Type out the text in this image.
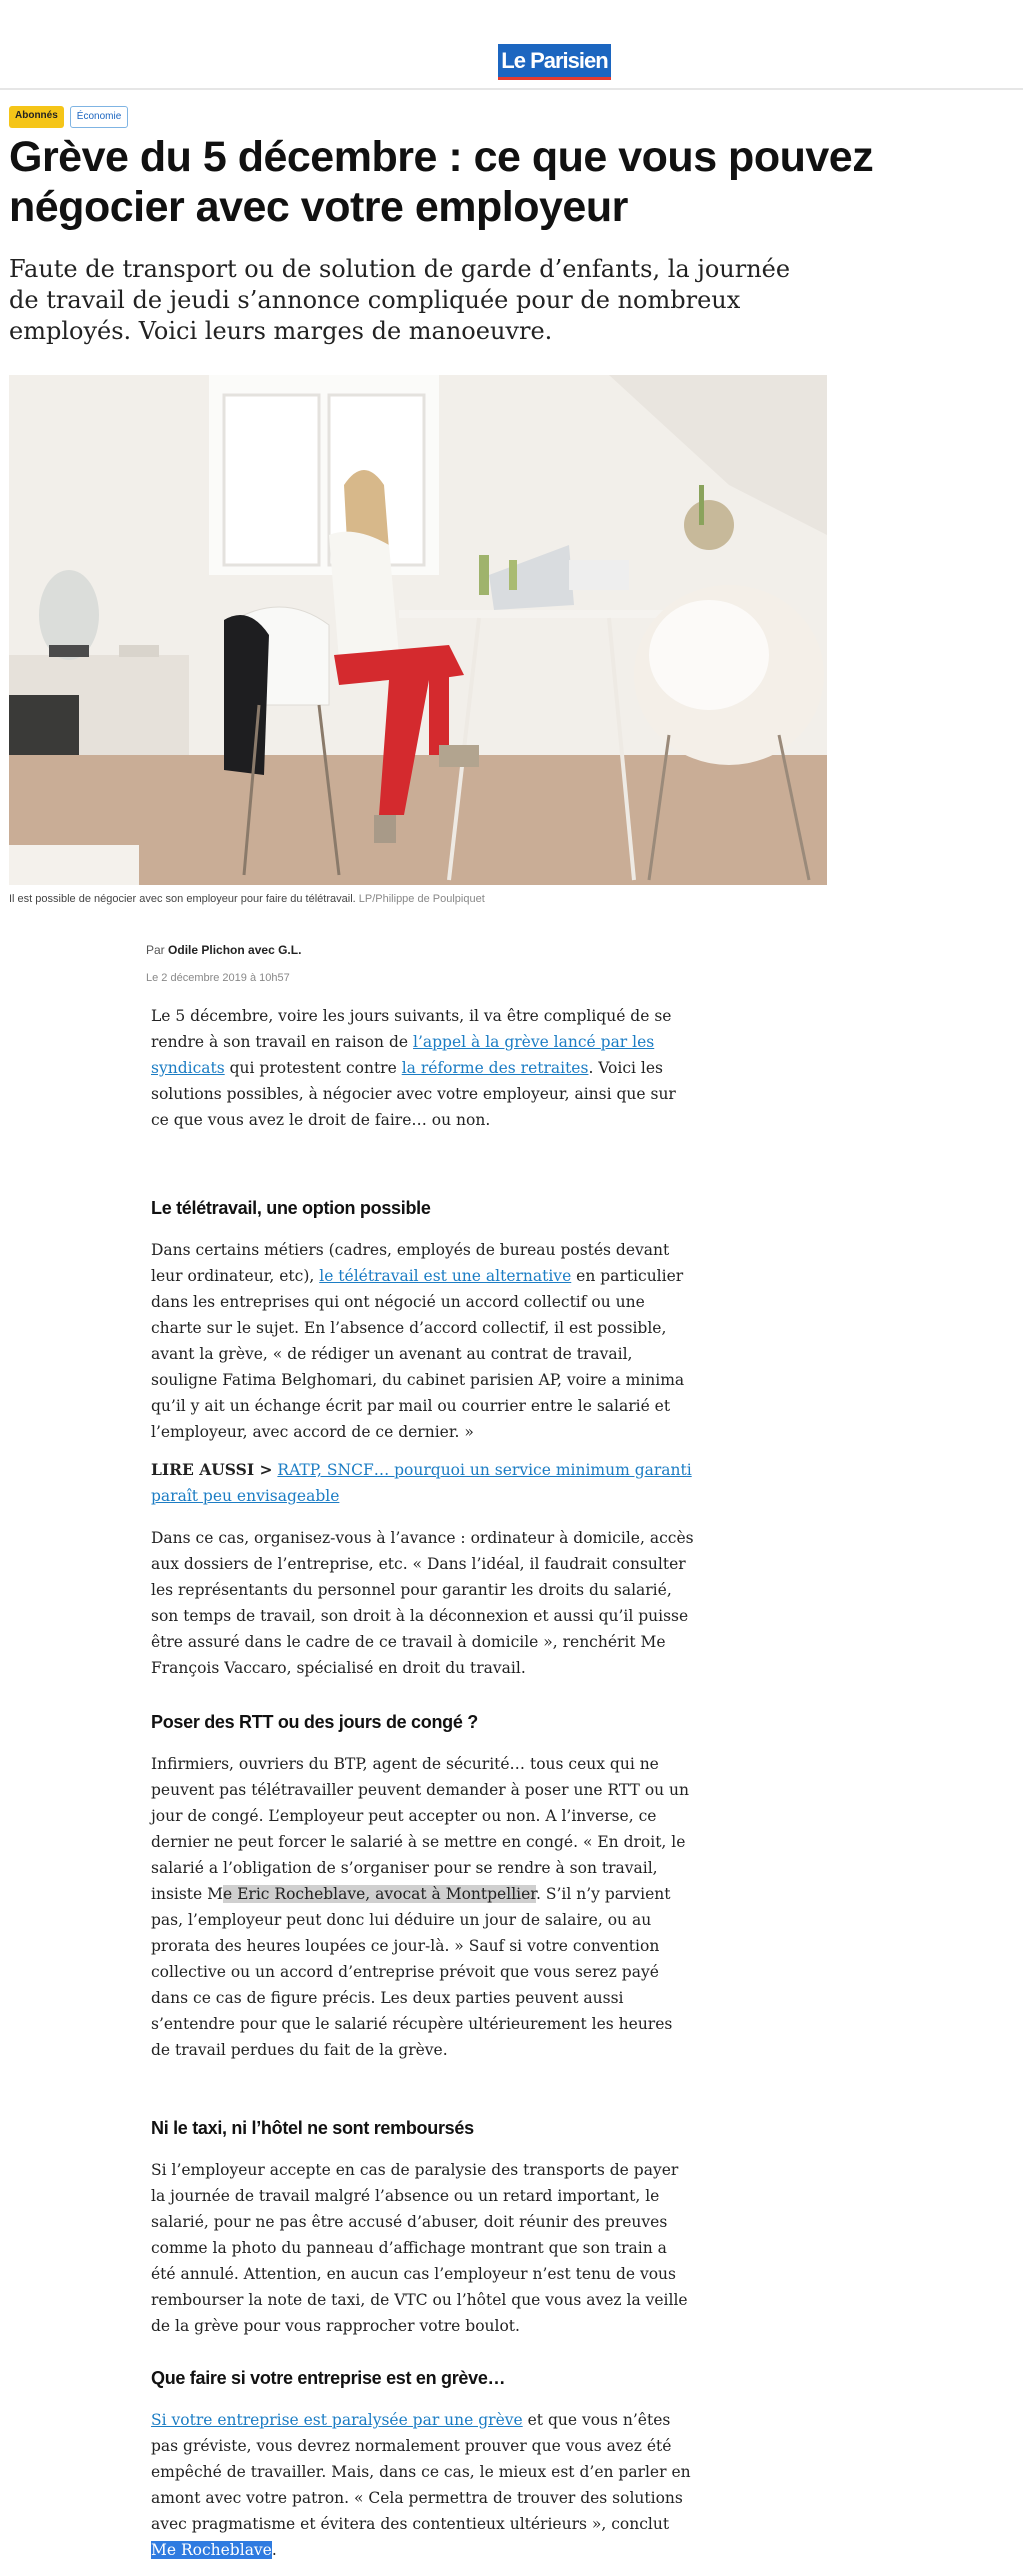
Le Parisien
Abonnés	Économie
Grève du 5 décembre : ce que vous pouvez négocier avec votre employeur

Faute de transport ou de solution de garde d’enfants, la journée de travail de jeudi s’annonce compliquée pour de nombreux employés. Voici leurs marges de manoeuvre.

Il est possible de négocier avec son employeur pour faire du télétravail. LP/Philippe de Poulpiquet
Par Odile Plichon avec G.L.
Le 2 décembre 2019 à 10h57

Le 5 décembre, voire les jours suivants, il va être compliqué de se rendre à son travail en raison de l’appel à la grève lancé par les syndicats qui protestent contre la réforme des retraites. Voici les solutions possibles, à négocier avec votre employeur, ainsi que sur ce que vous avez le droit de faire… ou non.

Le télétravail, une option possible

Dans certains métiers (cadres, employés de bureau postés devant leur ordinateur, etc), le télétravail est une alternative en particulier dans les entreprises qui ont négocié un accord collectif ou une charte sur le sujet. En l’absence d’accord collectif, il est possible, avant la grève, « de rédiger un avenant au contrat de travail, souligne Fatima Belghomari, du cabinet parisien AP, voire a minima qu’il y ait un échange écrit par mail ou courrier entre le salarié et l’employeur, avec accord de ce dernier. »

LIRE AUSSI > RATP, SNCF… pourquoi un service minimum garanti paraît peu envisageable

Dans ce cas, organisez-vous à l’avance : ordinateur à domicile, accès aux dossiers de l’entreprise, etc. « Dans l’idéal, il faudrait consulter les représentants du personnel pour garantir les droits du salarié, son temps de travail, son droit à la déconnexion et aussi qu’il puisse être assuré dans le cadre de ce travail à domicile », renchérit Me François Vaccaro, spécialisé en droit du travail.

Poser des RTT ou des jours de congé ?

Infirmiers, ouvriers du BTP, agent de sécurité… tous ceux qui ne peuvent pas télétravailler peuvent demander à poser une RTT ou un jour de congé. L’employeur peut accepter ou non. A l’inverse, ce dernier ne peut forcer le salarié à se mettre en congé. « En droit, le salarié a l’obligation de s’organiser pour se rendre à son travail, insiste Me Eric Rocheblave, avocat à Montpellier. S’il n’y parvient pas, l’employeur peut donc lui déduire un jour de salaire, ou au prorata des heures loupées ce jour-là. » Sauf si votre convention collective ou un accord d’entreprise prévoit que vous serez payé dans ce cas de figure précis. Les deux parties peuvent aussi s’entendre pour que le salarié récupère ultérieurement les heures de travail perdues du fait de la grève.

Ni le taxi, ni l’hôtel ne sont remboursés

Si l’employeur accepte en cas de paralysie des transports de payer la journée de travail malgré l’absence ou un retard important, le salarié, pour ne pas être accusé d’abuser, doit réunir des preuves comme la photo du panneau d’affichage montrant que son train a été annulé. Attention, en aucun cas l’employeur n’est tenu de vous rembourser la note de taxi, de VTC ou l’hôtel que vous avez la veille de la grève pour vous rapprocher votre boulot.

Que faire si votre entreprise est en grève…

Si votre entreprise est paralysée par une grève et que vous n’êtes pas gréviste, vous devrez normalement prouver que vous avez été empêché de travailler. Mais, dans ce cas, le mieux est d’en parler en amont avec votre patron. « Cela permettra de trouver des solutions avec pragmatisme et évitera des contentieux ultérieurs », conclut Me Rocheblave.
